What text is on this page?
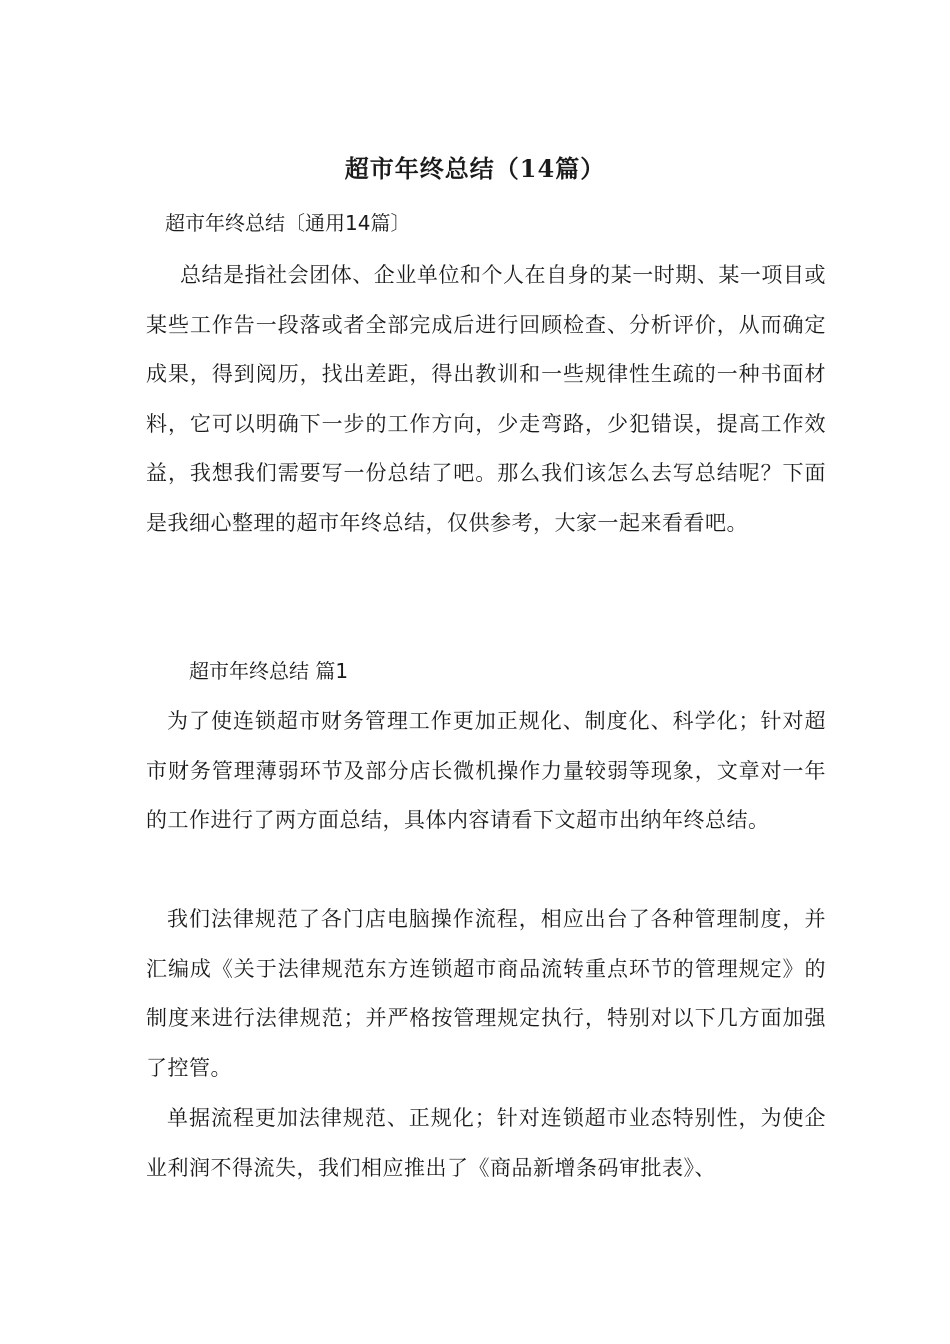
超市年终总结（14篇）
超市年终总结〔通用14篇〕

总结是指社会团体、企业单位和个人在自身的某一时期、某一项目或某些工作告一段落或者全部完成后进行回顾检查、分析评价，从而确定成果，得到阅历，找出差距，得出教训和一些规律性生疏的一种书面材料，它可以明确下一步的工作方向，少走弯路，少犯错误，提高工作效益，我想我们需要写一份总结了吧。那么我们该怎么去写总结呢？下面是我细心整理的超市年终总结，仅供参考，大家一起来看看吧。

超市年终总结 篇1

为了使连锁超市财务管理工作更加正规化、制度化、科学化；针对超市财务管理薄弱环节及部分店长微机操作力量较弱等现象，文章对一年的工作进行了两方面总结，具体内容请看下文超市出纳年终总结。

我们法律规范了各门店电脑操作流程，相应出台了各种管理制度，并汇编成《关于法律规范东方连锁超市商品流转重点环节的管理规定》的制度来进行法律规范；并严格按管理规定执行，特别对以下几方面加强了控管。

单据流程更加法律规范、正规化；针对连锁超市业态特别性，为使企业利润不得流失，我们相应推出了《商品新增条码审批表》、
